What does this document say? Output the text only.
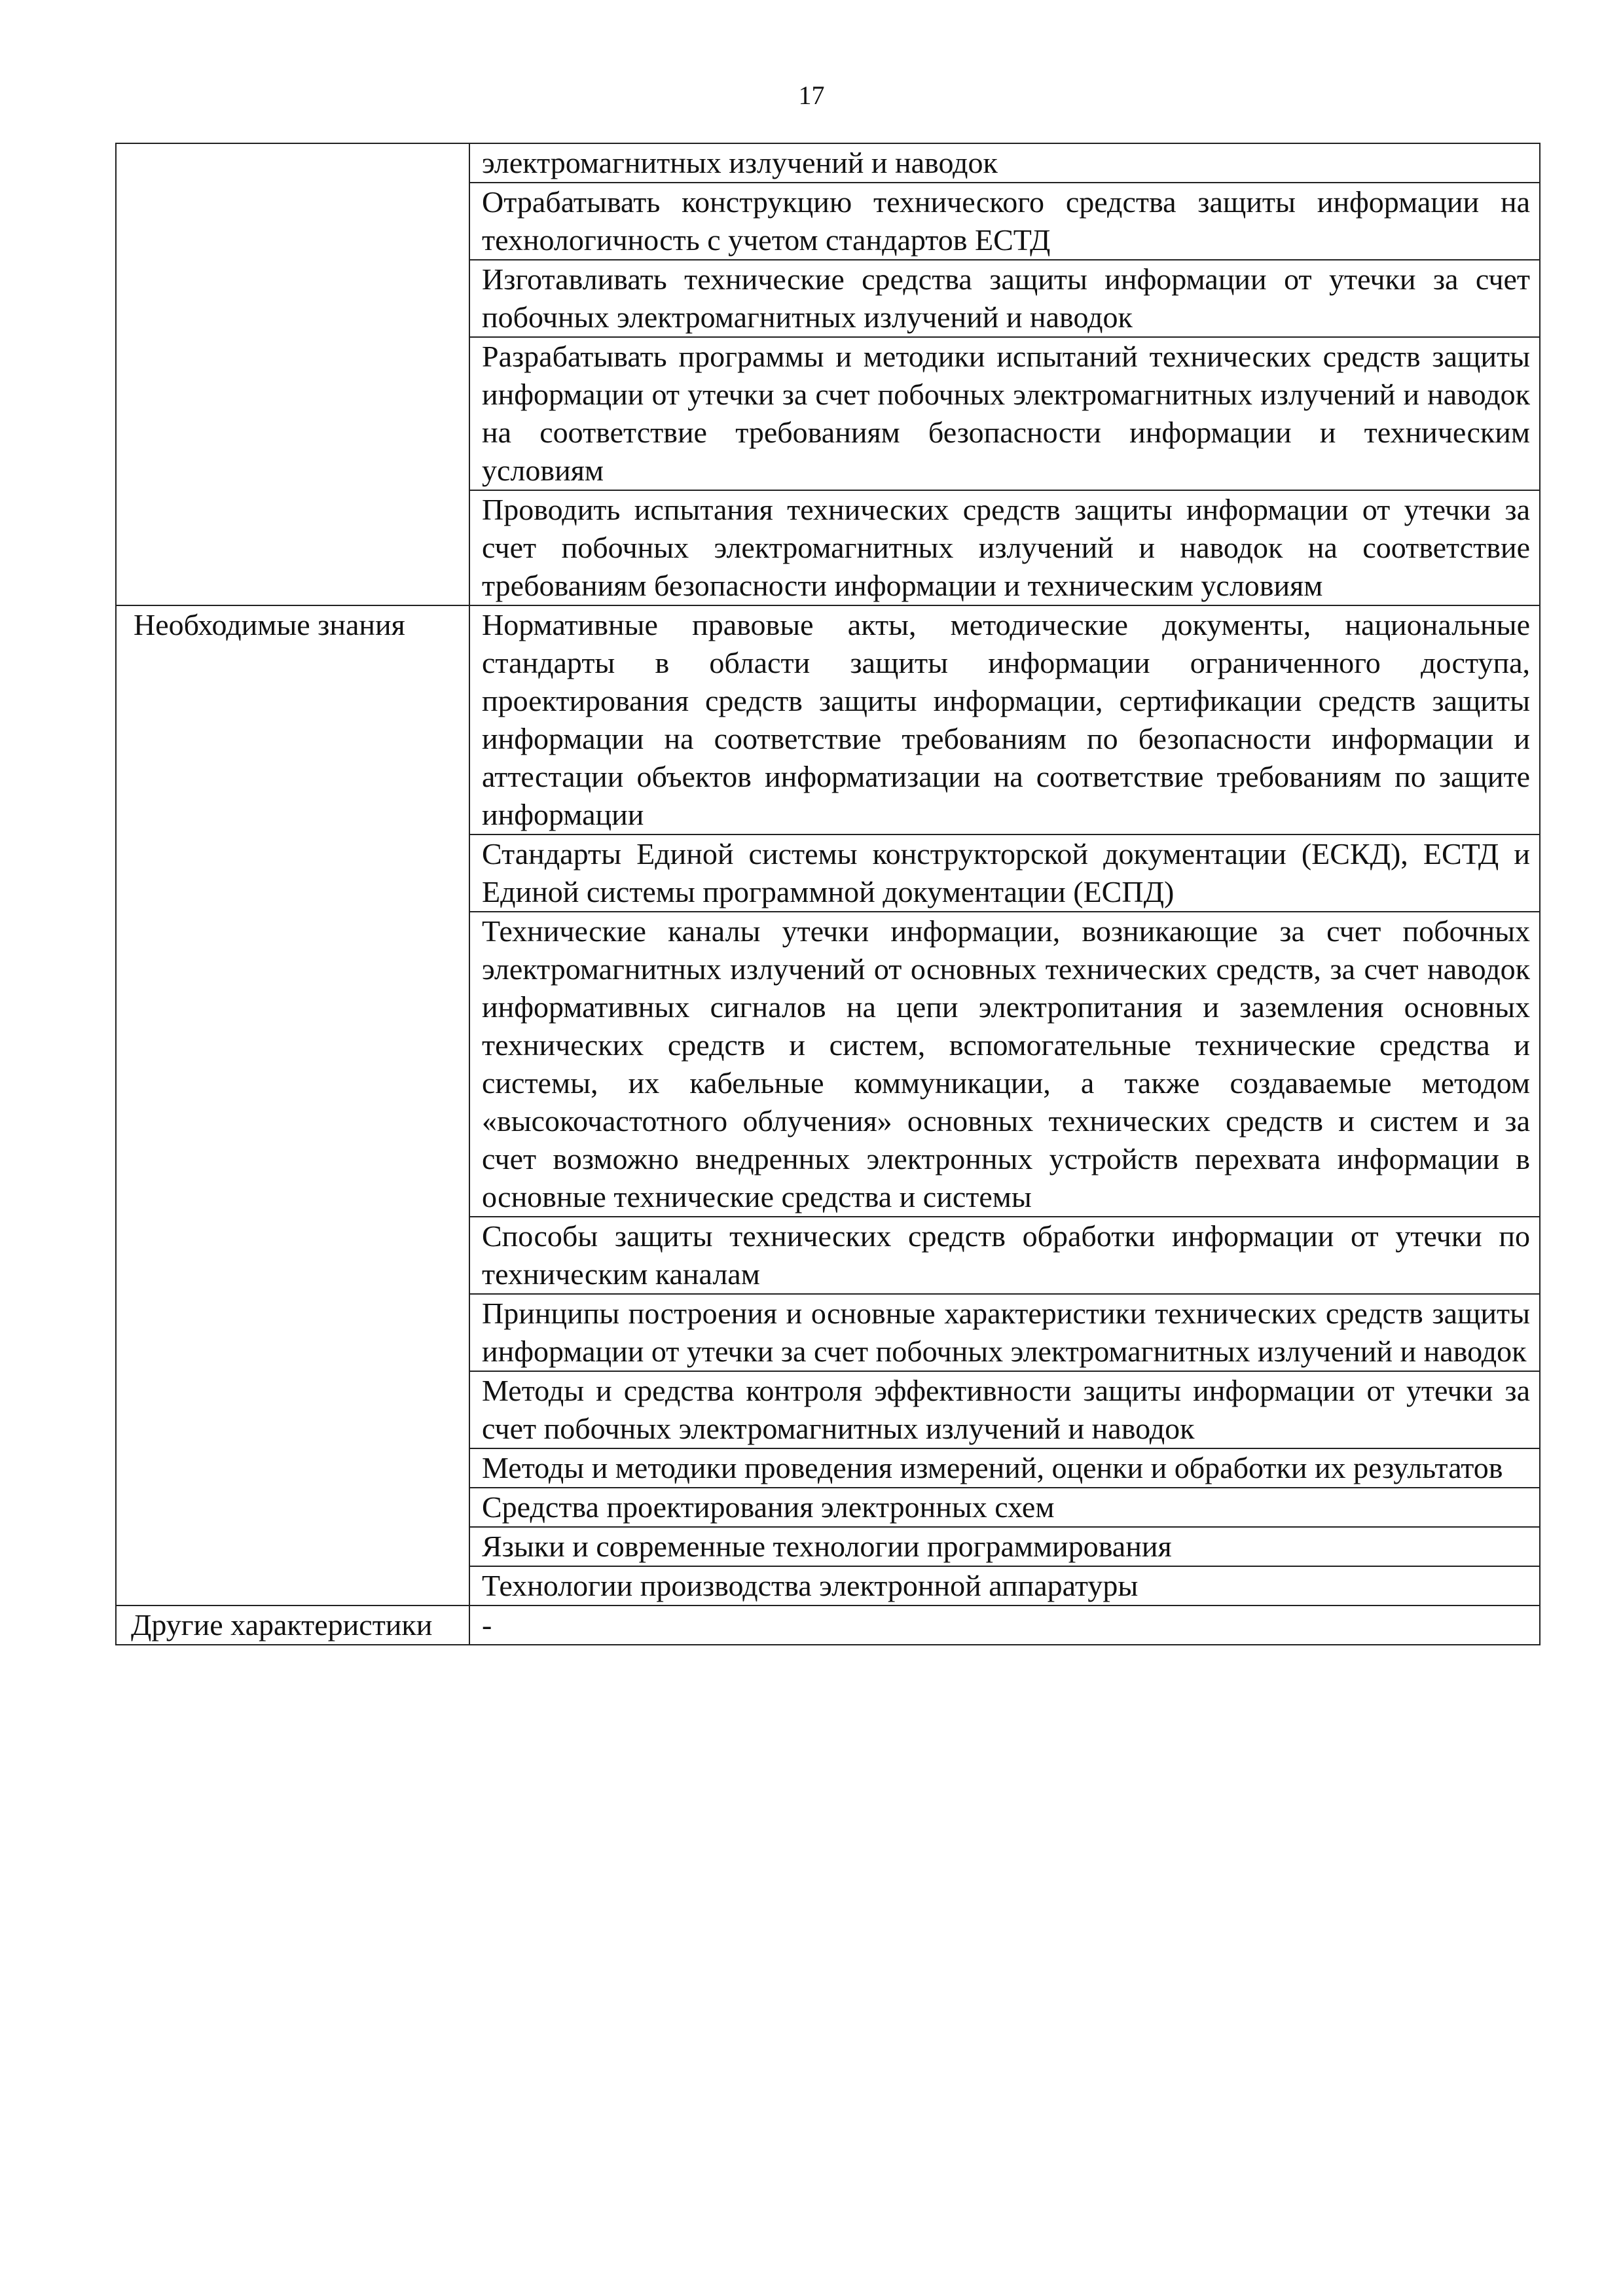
17
	электромагнитных излучений и наводок
	Отрабатывать конструкцию технического средства защиты информации на технологичность с учетом стандартов ЕСТД
	Изготавливать технические средства защиты информации от утечки за счет побочных электромагнитных излучений и наводок
	Разрабатывать программы и методики испытаний технических средств защиты информации от утечки за счет побочных электромагнитных излучений и наводок на соответствие требованиям безопасности информации и техническим условиям
	Проводить испытания технических средств защиты информации от утечки за счет побочных электромагнитных излучений и наводок на соответствие требованиям безопасности информации и техническим условиям
Необходимые знания	Нормативные правовые акты, методические документы, национальные стандарты в области защиты информации ограниченного доступа, проектирования средств защиты информации, сертификации средств защиты информации на соответствие требованиям по безопасности информации и аттестации объектов информатизации на соответствие требованиям по защите информации
	Стандарты Единой системы конструкторской документации (ЕСКД), ЕСТД и Единой системы программной документации (ЕСПД)
	Технические каналы утечки информации, возникающие за счет побочных электромагнитных излучений от основных технических средств, за счет наводок информативных сигналов на цепи электропитания и заземления основных технических средств и систем, вспомогательные технические средства и системы, их кабельные коммуникации, а также создаваемые методом «высокочастотного облучения» основных технических средств и систем и за счет возможно внедренных электронных устройств перехвата информации в основные технические средства и системы
	Способы защиты технических средств обработки информации от утечки по техническим каналам
	Принципы построения и основные характеристики технических средств защиты информации от утечки за счет побочных электромагнитных излучений и наводок
	Методы и средства контроля эффективности защиты информации от утечки за счет побочных электромагнитных излучений и наводок
	Методы и методики проведения измерений, оценки и обработки их результатов
	Средства проектирования электронных схем
	Языки и современные технологии программирования
	Технологии производства электронной аппаратуры
Другие характеристики	-
